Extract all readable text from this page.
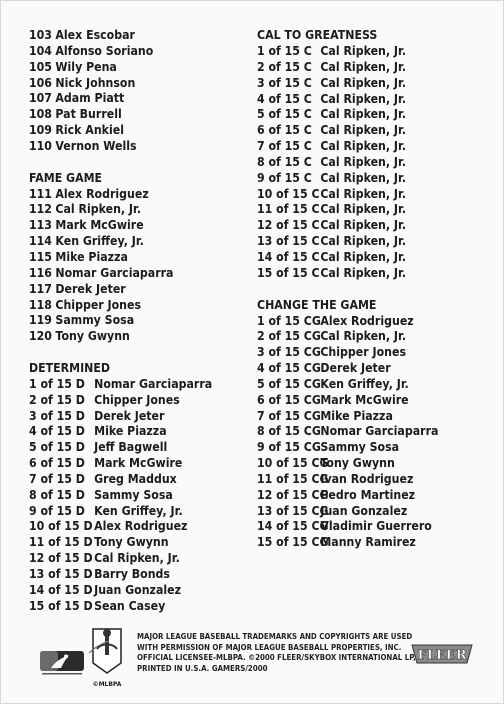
103 Alex Escobar
104 Alfonso Soriano
105 Wily Pena
106 Nick Johnson
107 Adam Piatt
108 Pat Burrell
109 Rick Ankiel
110 Vernon Wells
FAME GAME
111 Alex Rodriguez
112 Cal Ripken, Jr.
113 Mark McGwire
114 Ken Griffey, Jr.
115 Mike Piazza
116 Nomar Garciaparra
117 Derek Jeter
118 Chipper Jones
119 Sammy Sosa
120 Tony Gwynn
DETERMINED
1 of 15 D Nomar Garciaparra
2 of 15 D Chipper Jones
3 of 15 D Derek Jeter
4 of 15 D Mike Piazza
5 of 15 D Jeff Bagwell
6 of 15 D Mark McGwire
7 of 15 D Greg Maddux
8 of 15 D Sammy Sosa
9 of 15 D Ken Griffey, Jr.
10 of 15 D Alex Rodriguez
11 of 15 D Tony Gwynn
12 of 15 D Cal Ripken, Jr.
13 of 15 D Barry Bonds
14 of 15 D Juan Gonzalez
15 of 15 D Sean Casey
CAL TO GREATNESS
1 of 15 C Cal Ripken, Jr.
2 of 15 C Cal Ripken, Jr.
3 of 15 C Cal Ripken, Jr.
4 of 15 C Cal Ripken, Jr.
5 of 15 C Cal Ripken, Jr.
6 of 15 C Cal Ripken, Jr.
7 of 15 C Cal Ripken, Jr.
8 of 15 C Cal Ripken, Jr.
9 of 15 C Cal Ripken, Jr.
10 of 15 C Cal Ripken, Jr.
11 of 15 C Cal Ripken, Jr.
12 of 15 C Cal Ripken, Jr.
13 of 15 C Cal Ripken, Jr.
14 of 15 C Cal Ripken, Jr.
15 of 15 C Cal Ripken, Jr.
CHANGE THE GAME
1 of 15 CG Alex Rodriguez
2 of 15 CG Cal Ripken, Jr.
3 of 15 CG Chipper Jones
4 of 15 CG Derek Jeter
5 of 15 CG Ken Griffey, Jr.
6 of 15 CG Mark McGwire
7 of 15 CG Mike Piazza
8 of 15 CG Nomar Garciaparra
9 of 15 CG Sammy Sosa
10 of 15 CG
Tony Gwynn
11 of 15 CG
Ivan Rodriguez
12 of 15 CG
Pedro Martinez
13 of 15 CG
Juan Gonzalez
14 of 15 CG
Vladimir Guerrero
15 of 15 CG
Manny Ramirez
©MLBPA
MAJOR LEAGUE BASEBALL TRADEMARKS AND COPYRIGHTS ARE USED
WITH PERMISSION OF MAJOR LEAGUE BASEBALL PROPERTIES, INC.
OFFICIAL LICENSEE-MLBPA. ©2000 FLEER/SKYBOX INTERNATIONAL LP,
PRINTED IN U.S.A. GAMERS/2000
FLEER
